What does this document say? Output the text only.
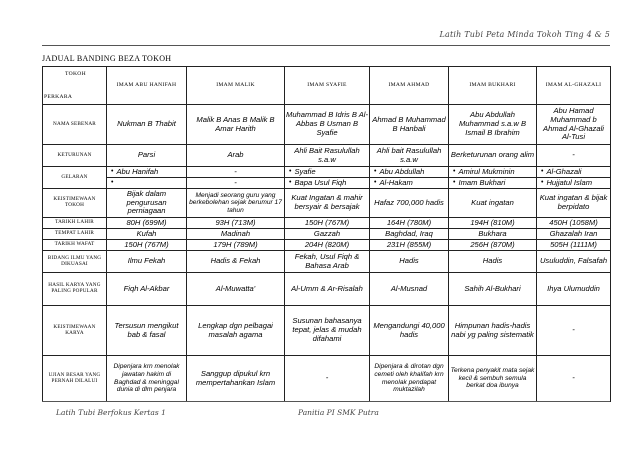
Latih Tubi Peta Minda Tokoh Ting 4 & 5
JADUAL BANDING BEZA TOKOH
TOKOH
PERKARA	IMAM ABU HANIFAH	IMAM MALIK	IMAM SYAFIE	IMAM AHMAD	IMAM BUKHARI	IMAM AL-GHAZALI
NAMA SEBENAR	Nukman B Thabit	Malik B Anas B Malik B Amar Harith	Muhammad B Idris B Al-Abbas B Usman B Syafie	Ahmad B Muhammad B Hanbali	Abu Abdullah Muhammad s.a.w B Ismail B Ibrahim	Abu Hamad Muhammad b Ahmad Al-Ghazali Al-Tusi
KETURUNAN	Parsi	Arab	Ahli Bait Rasulullah s.a.w	Ahli bait Rasulullah s.a.w	Berketurunan orang alim	-
GELARAN	• Abu Hanifah	-	• Syafie	• Abu Abdullah	• Amirul Mukminin	• Al-Ghazali

	•	-	• Bapa Usul Fiqh	• Al-Hakam	• Imam Bukhari	• Hujjatul Islam

KEISTIMEWAAN TOKOH	Bijak dalam pengurusan perniagaan	Menjadi seorang guru yang berkebolehan sejak berumur 17 tahun	Kuat Ingatan & mahir bersyair & bersajak	Hafaz 700,000 hadis	Kuat ingatan	Kuat ingatan & bijak berpidato
TARIKH LAHIR	80H (699M)	93H (713M)	150H (767M)	164H (780M)	194H (810M)	450H (1058M)
TEMPAT LAHIR	Kufah	Madinah	Gazzah	Baghdad, Iraq	Bukhara	Ghazalah Iran
TARIKH WAFAT	150H (767M)	179H (789M)	204H (820M)	231H (855M)	256H (870M)	505H (1111M)
BIDANG ILMU YANG DIKUASAI	Ilmu Fekah	Hadis & Fekah	Fekah, Usul Fiqh & Bahasa Arab	Hadis	Hadis	Usuluddin, Falsafah
HASIL KARYA YANG PALING POPULAR	Fiqh Al-Akbar	Al-Muwatta'	Al-Umm & Ar-Risalah	Al-Musnad	Sahih Al-Bukhari	Ihya Ulumuddin
KEISTIMEWAAN KARYA	Tersusun mengikut bab & fasal	Lengkap dgn pelbagai masalah agama	Susunan bahasanya tepat, jelas & mudah difahami	Mengandungi 40,000 hadis	Himpunan hadis-hadis nabi yg paling sistematik	-
UJIAN BESAR YANG PERNAH DILALUI	Dipenjara krn menolak jawatan hakim di Baghdad & meninggal dunia di dlm penjara	Sanggup dipukul krn mempertahankan Islam	-	Dipenjara & dirotan dgn cemeti oleh khalifah krn menolak pendapat muktazilah	Terkena penyakit mata sejak kecil & sembuh semula berkat doa ibunya	-
Latih Tubi Berfokus Kertas 1	Panitia PI SMK Putra
